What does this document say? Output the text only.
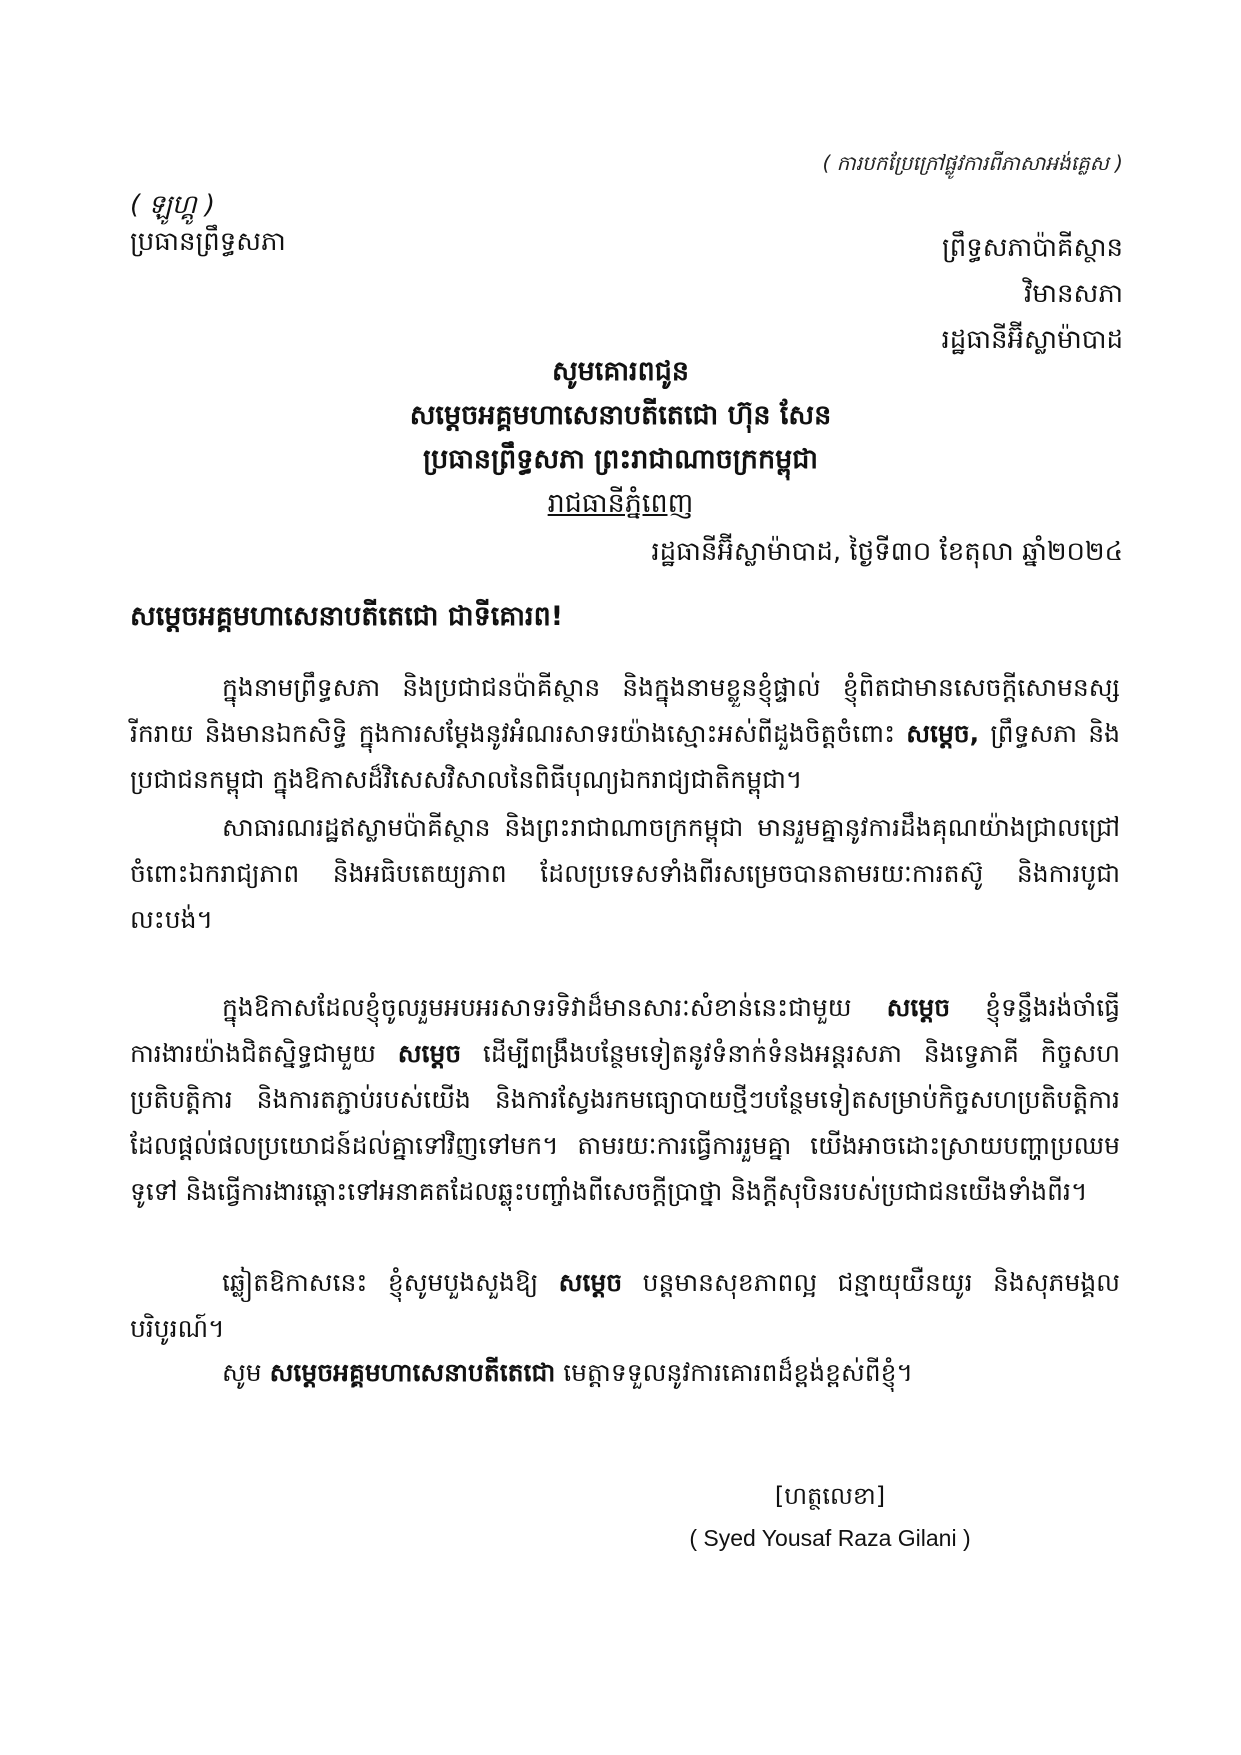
( ការបកប្រែក្រៅផ្លូវការពីភាសាអង់គ្លេស )
( ឡូហ្គូ )
ប្រធានព្រឹទ្ធសភា	ព្រឹទ្ធសភាប៉ាគីស្ថាន
វិមានសភា
រដ្ឋធានីអ៊ីស្លាម៉ាបាដ
សូមគោរពជូន
សម្តេចអគ្គមហាសេនាបតីតេជោ ហ៊ុន សែន
ប្រធានព្រឹទ្ធសភា ព្រះរាជាណាចក្រកម្ពុជា
រាជធានីភ្នំពេញ
រដ្ឋធានីអ៊ីស្លាម៉ាបាដ, ថ្ងៃទី៣០ ខែតុលា ឆ្នាំ២០២៤
សម្តេចអគ្គមហាសេនាបតីតេជោ ជាទីគោរព!

ក្នុងនាមព្រឹទ្ធសភា និងប្រជាជនប៉ាគីស្ថាន និងក្នុងនាមខ្លួនខ្ញុំផ្ទាល់ ខ្ញុំពិតជាមានសេចក្តីសោមនស្សរីករាយ និងមានឯកសិទ្ធិ ក្នុងការសម្តែងនូវអំណរសាទរយ៉ាងស្មោះអស់ពីដួងចិត្តចំពោះ សម្តេច, ព្រឹទ្ធសភា និងប្រជាជនកម្ពុជា ក្នុងឱកាសដ៏វិសេសវិសាលនៃពិធីបុណ្យឯករាជ្យជាតិកម្ពុជា។

សាធារណរដ្ឋឥស្លាមប៉ាគីស្ថាន និងព្រះរាជាណាចក្រកម្ពុជា មានរួមគ្នានូវការដឹងគុណយ៉ាងជ្រាលជ្រៅចំពោះឯករាជ្យភាព និងអធិបតេយ្យភាព ដែលប្រទេសទាំងពីរសម្រេចបានតាមរយៈការតស៊ូ និងការបូជាលះបង់។

ក្នុងឱកាសដែលខ្ញុំចូលរួមអបអរសាទរទិវាដ៏មានសារៈសំខាន់នេះជាមួយ សម្តេច ខ្ញុំទន្ទឹងរង់ចាំធ្វើការងារយ៉ាងជិតស្និទ្ធជាមួយ សម្តេច ដើម្បីពង្រឹងបន្ថែមទៀតនូវទំនាក់ទំនងអន្តរសភា និងទ្វេភាគី កិច្ចសហប្រតិបត្តិការ និងការតភ្ជាប់របស់យើង និងការស្វែងរកមធ្យោបាយថ្មីៗបន្ថែមទៀតសម្រាប់កិច្ចសហប្រតិបត្តិការ ដែលផ្តល់ផលប្រយោជន៍ដល់គ្នាទៅវិញទៅមក។ តាមរយៈការធ្វើការរួមគ្នា យើងអាចដោះស្រាយបញ្ហាប្រឈមទូទៅ និងធ្វើការងារឆ្ពោះទៅអនាគតដែលឆ្លុះបញ្ចាំងពីសេចក្តីប្រាថ្នា និងក្តីសុបិនរបស់ប្រជាជនយើងទាំងពីរ។

ឆ្លៀតឱកាសនេះ ខ្ញុំសូមបួងសួងឱ្យ សម្តេច បន្តមានសុខភាពល្អ ជន្មាយុយឺនយូរ និងសុភមង្គលបរិបូរណ៍។

សូម សម្តេចអគ្គមហាសេនាបតីតេជោ មេត្តាទទួលនូវការគោរពដ៏ខ្ពង់ខ្ពស់ពីខ្ញុំ។

[ហត្ថលេខា]
( Syed Yousaf Raza Gilani )
